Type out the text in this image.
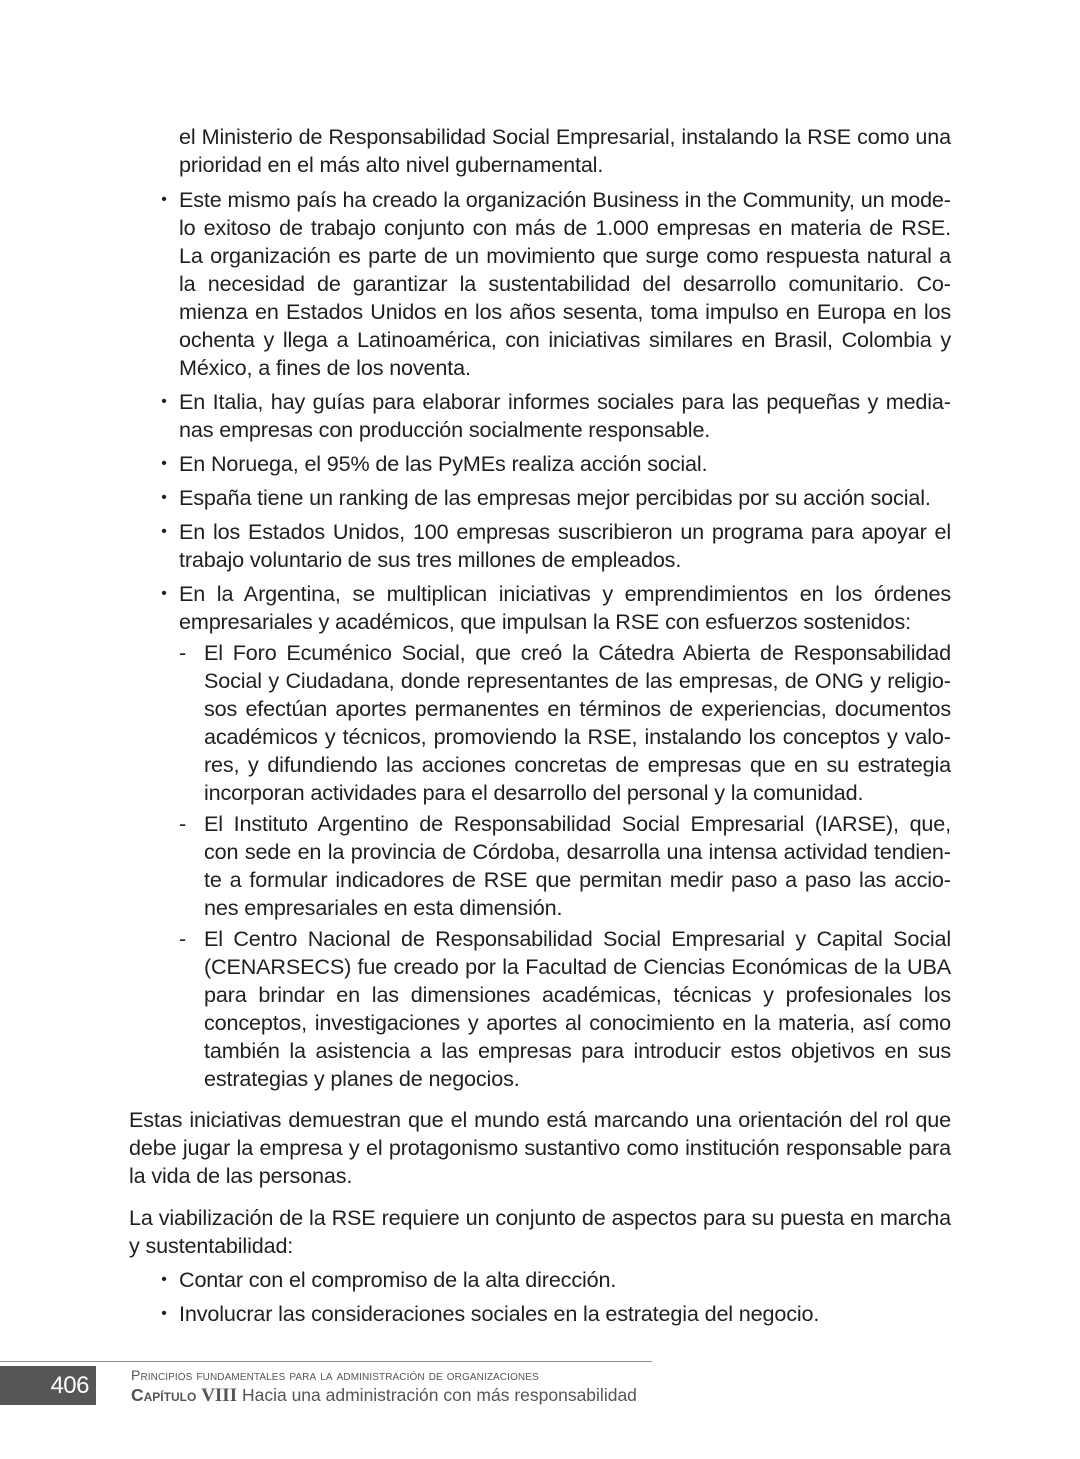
el Ministerio de Responsabilidad Social Empresarial, instalando la RSE como una prioridad en el más alto nivel gubernamental.

• Este mismo país ha creado la organización Business in the Community, un modelo exitoso de trabajo conjunto con más de 1.000 empresas en materia de RSE. La organización es parte de un movimiento que surge como respuesta natural a la necesidad de garantizar la sustentabilidad del desarrollo comunitario. Comienza en Estados Unidos en los años sesenta, toma impulso en Europa en los ochenta y llega a Latinoamérica, con iniciativas similares en Brasil, Colombia y México, a fines de los noventa.
• En Italia, hay guías para elaborar informes sociales para las pequeñas y medianas empresas con producción socialmente responsable.
• En Noruega, el 95% de las PyMEs realiza acción social.
• España tiene un ranking de las empresas mejor percibidas por su acción social.
• En los Estados Unidos, 100 empresas suscribieron un programa para apoyar el trabajo voluntario de sus tres millones de empleados.
• En la Argentina, se multiplican iniciativas y emprendimientos en los órdenes empresariales y académicos, que impulsan la RSE con esfuerzos sostenidos:
- El Foro Ecuménico Social, que creó la Cátedra Abierta de Responsabilidad Social y Ciudadana, donde representantes de las empresas, de ONG y religiosos efectúan aportes permanentes en términos de experiencias, documentos académicos y técnicos, promoviendo la RSE, instalando los conceptos y valores, y difundiendo las acciones concretas de empresas que en su estrategia incorporan actividades para el desarrollo del personal y la comunidad.
- El Instituto Argentino de Responsabilidad Social Empresarial (IARSE), que, con sede en la provincia de Córdoba, desarrolla una intensa actividad tendiente a formular indicadores de RSE que permitan medir paso a paso las acciones empresariales en esta dimensión.
- El Centro Nacional de Responsabilidad Social Empresarial y Capital Social (CENARSECS) fue creado por la Facultad de Ciencias Económicas de la UBA para brindar en las dimensiones académicas, técnicas y profesionales los conceptos, investigaciones y aportes al conocimiento en la materia, así como también la asistencia a las empresas para introducir estos objetivos en sus estrategias y planes de negocios.

Estas iniciativas demuestran que el mundo está marcando una orientación del rol que debe jugar la empresa y el protagonismo sustantivo como institución responsable para la vida de las personas.

La viabilización de la RSE requiere un conjunto de aspectos para su puesta en marcha y sustentabilidad:

• Contar con el compromiso de la alta dirección.
• Involucrar las consideraciones sociales en la estrategia del negocio.
406	Principios fundamentales para la administración de organizaciones
Capítulo VIII Hacia una administración con más responsabilidad
